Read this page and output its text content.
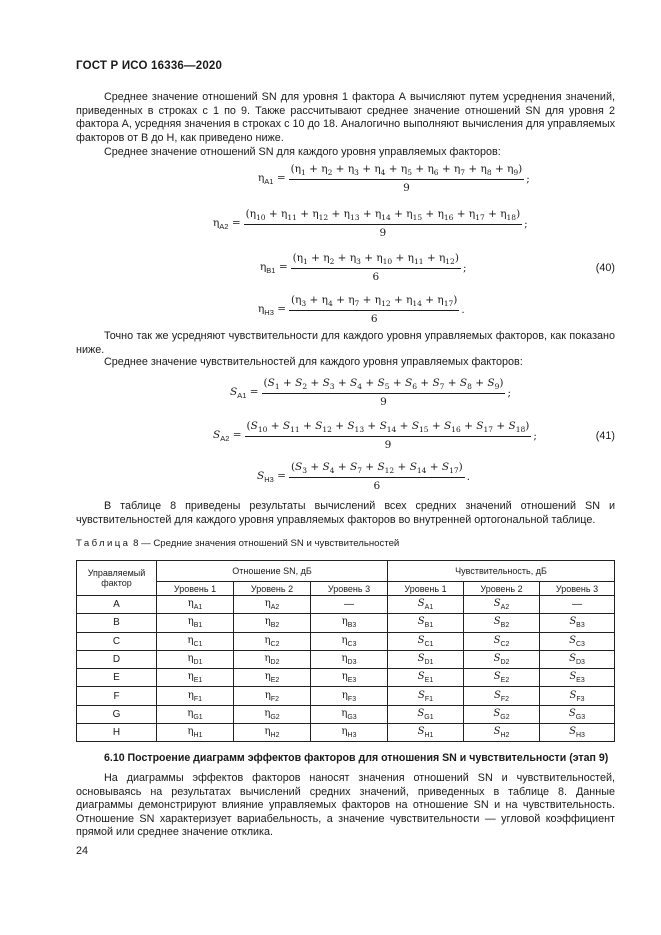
ГОСТ Р ИСО 16336—2020

Среднее значение отношений SN для уровня 1 фактора А вычисляют путем усреднения значений, приведенных в строках с 1 по 9. Также рассчитывают среднее значение отношений SN для уровня 2 фактора А, усредняя значения в строках с 10 до 18. Аналогично выполняют вычисления для управляемых факторов от В до Н, как приведено ниже.

Среднее значение отношений SN для каждого уровня управляемых факторов:
$\eta_{A1} = \frac{(\eta_1 + \eta_2 + \eta_3 + \eta_4 + \eta_5 + \eta_6 + \eta_7 + \eta_8 + \eta_9)}{9}$ ;
$\eta_{A2} = \frac{(\eta_{10} + \eta_{11} + \eta_{12} + \eta_{13} + \eta_{14} + \eta_{15} + \eta_{16} + \eta_{17} + \eta_{18})}{9}$ ;
$\eta_{B1} = \frac{(\eta_1 + \eta_2 + \eta_3 + \eta_{10} + \eta_{11} + \eta_{12})}{6}$ ;	(40)
$\eta_{H3} = \frac{(\eta_3 + \eta_4 + \eta_7 + \eta_{12} + \eta_{14} + \eta_{17})}{6}$ .

Точно так же усредняют чувствительности для каждого уровня управляемых факторов, как показано ниже.

Среднее значение чувствительностей для каждого уровня управляемых факторов:
$S_{A1} = \frac{(S_1 + S_2 + S_3 + S_4 + S_5 + S_6 + S_7 + S_8 + S_9)}{9}$ ;
$S_{A2} = \frac{(S_{10} + S_{11} + S_{12} + S_{13} + S_{14} + S_{15} + S_{16} + S_{17} + S_{18})}{9}$ ;	(41)
$S_{H3} = \frac{(S_3 + S_4 + S_7 + S_{12} + S_{14} + S_{17})}{6}$ .

В таблице 8 приведены результаты вычислений всех средних значений отношений SN и чувствительностей для каждого уровня управляемых факторов во внутренней ортогональной таблице.

Таблица 8 — Средние значения отношений SN и чувствительностей
Управляемый фактор	Отношение SN, дБ			Чувствительность, дБ		
	Уровень 1	Уровень 2	Уровень 3	Уровень 1	Уровень 2	Уровень 3
A	$\eta_{A1}$	$\eta_{A2}$	—	$S_{A1}$	$S_{A2}$	—
B	$\eta_{B1}$	$\eta_{B2}$	$\eta_{B3}$	$S_{B1}$	$S_{B2}$	$S_{B3}$
C	$\eta_{C1}$	$\eta_{C2}$	$\eta_{C3}$	$S_{C1}$	$S_{C2}$	$S_{C3}$
D	$\eta_{D1}$	$\eta_{D2}$	$\eta_{D3}$	$S_{D1}$	$S_{D2}$	$S_{D3}$
E	$\eta_{E1}$	$\eta_{E2}$	$\eta_{E3}$	$S_{E1}$	$S_{E2}$	$S_{E3}$
F	$\eta_{F1}$	$\eta_{F2}$	$\eta_{F3}$	$S_{F1}$	$S_{F2}$	$S_{F3}$
G	$\eta_{G1}$	$\eta_{G2}$	$\eta_{G3}$	$S_{G1}$	$S_{G2}$	$S_{G3}$
H	$\eta_{H1}$	$\eta_{H2}$	$\eta_{H3}$	$S_{H1}$	$S_{H2}$	$S_{H3}$
6.10 Построение диаграмм эффектов факторов для отношения SN и чувствительности (этап 9)

На диаграммы эффектов факторов наносят значения отношений SN и чувствительностей, основываясь на результатах вычислений средних значений, приведенных в таблице 8. Данные диаграммы демонстрируют влияние управляемых факторов на отношение SN и на чувствительность. Отношение SN характеризует вариабельность, а значение чувствительности — угловой коэффициент прямой или среднее значение отклика.

24
